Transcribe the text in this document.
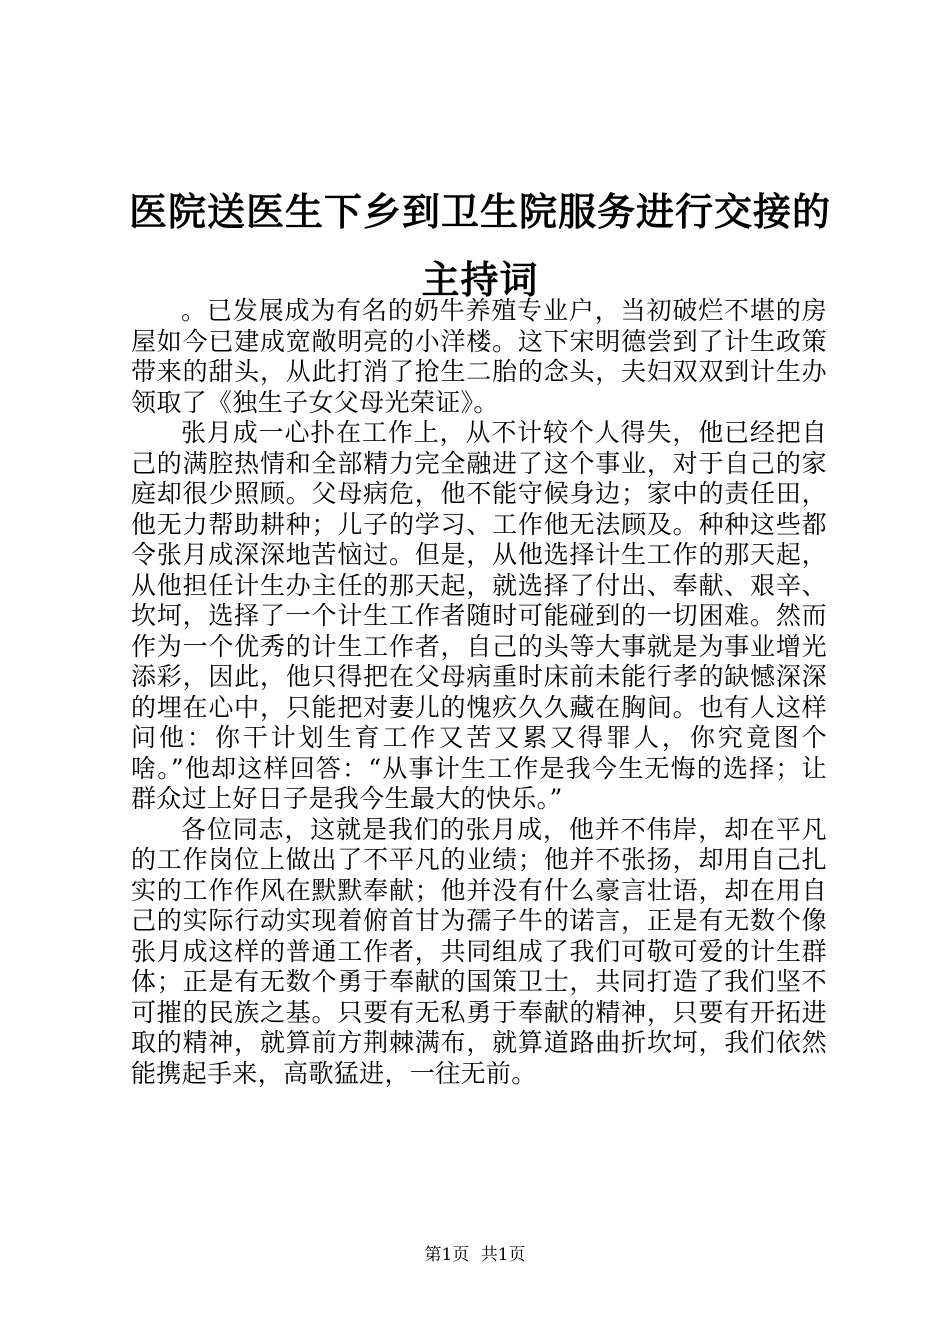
医院送医生下乡到卫生院服务进行交接的主持词

。已发展成为有名的奶牛养殖专业户，当初破烂不堪的房屋如今已建成宽敞明亮的小洋楼。这下宋明德尝到了计生政策带来的甜头，从此打消了抢生二胎的念头，夫妇双双到计生办领取了《独生子女父母光荣证》。

张月成一心扑在工作上，从不计较个人得失，他已经把自己的满腔热情和全部精力完全融进了这个事业，对于自己的家庭却很少照顾。父母病危，他不能守候身边；家中的责任田，他无力帮助耕种；儿子的学习、工作他无法顾及。种种这些都令张月成深深地苦恼过。但是，从他选择计生工作的那天起，从他担任计生办主任的那天起，就选择了付出、奉献、艰辛、坎坷，选择了一个计生工作者随时可能碰到的一切困难。然而作为一个优秀的计生工作者，自己的头等大事就是为事业增光添彩，因此，他只得把在父母病重时床前未能行孝的缺憾深深的埋在心中，只能把对妻儿的愧疚久久藏在胸间。也有人这样问他：你干计划生育工作又苦又累又得罪人，你究竟图个啥。”他却这样回答：“从事计生工作是我今生无悔的选择；让群众过上好日子是我今生最大的快乐。”

各位同志，这就是我们的张月成，他并不伟岸，却在平凡的工作岗位上做出了不平凡的业绩；他并不张扬，却用自己扎实的工作作风在默默奉献；他并没有什么豪言壮语，却在用自己的实际行动实现着俯首甘为孺子牛的诺言，正是有无数个像张月成这样的普通工作者，共同组成了我们可敬可爱的计生群体；正是有无数个勇于奉献的国策卫士，共同打造了我们坚不可摧的民族之基。只要有无私勇于奉献的精神，只要有开拓进取的精神，就算前方荆棘满布，就算道路曲折坎坷，我们依然能携起手来，高歌猛进，一往无前。

第1页 共1页
